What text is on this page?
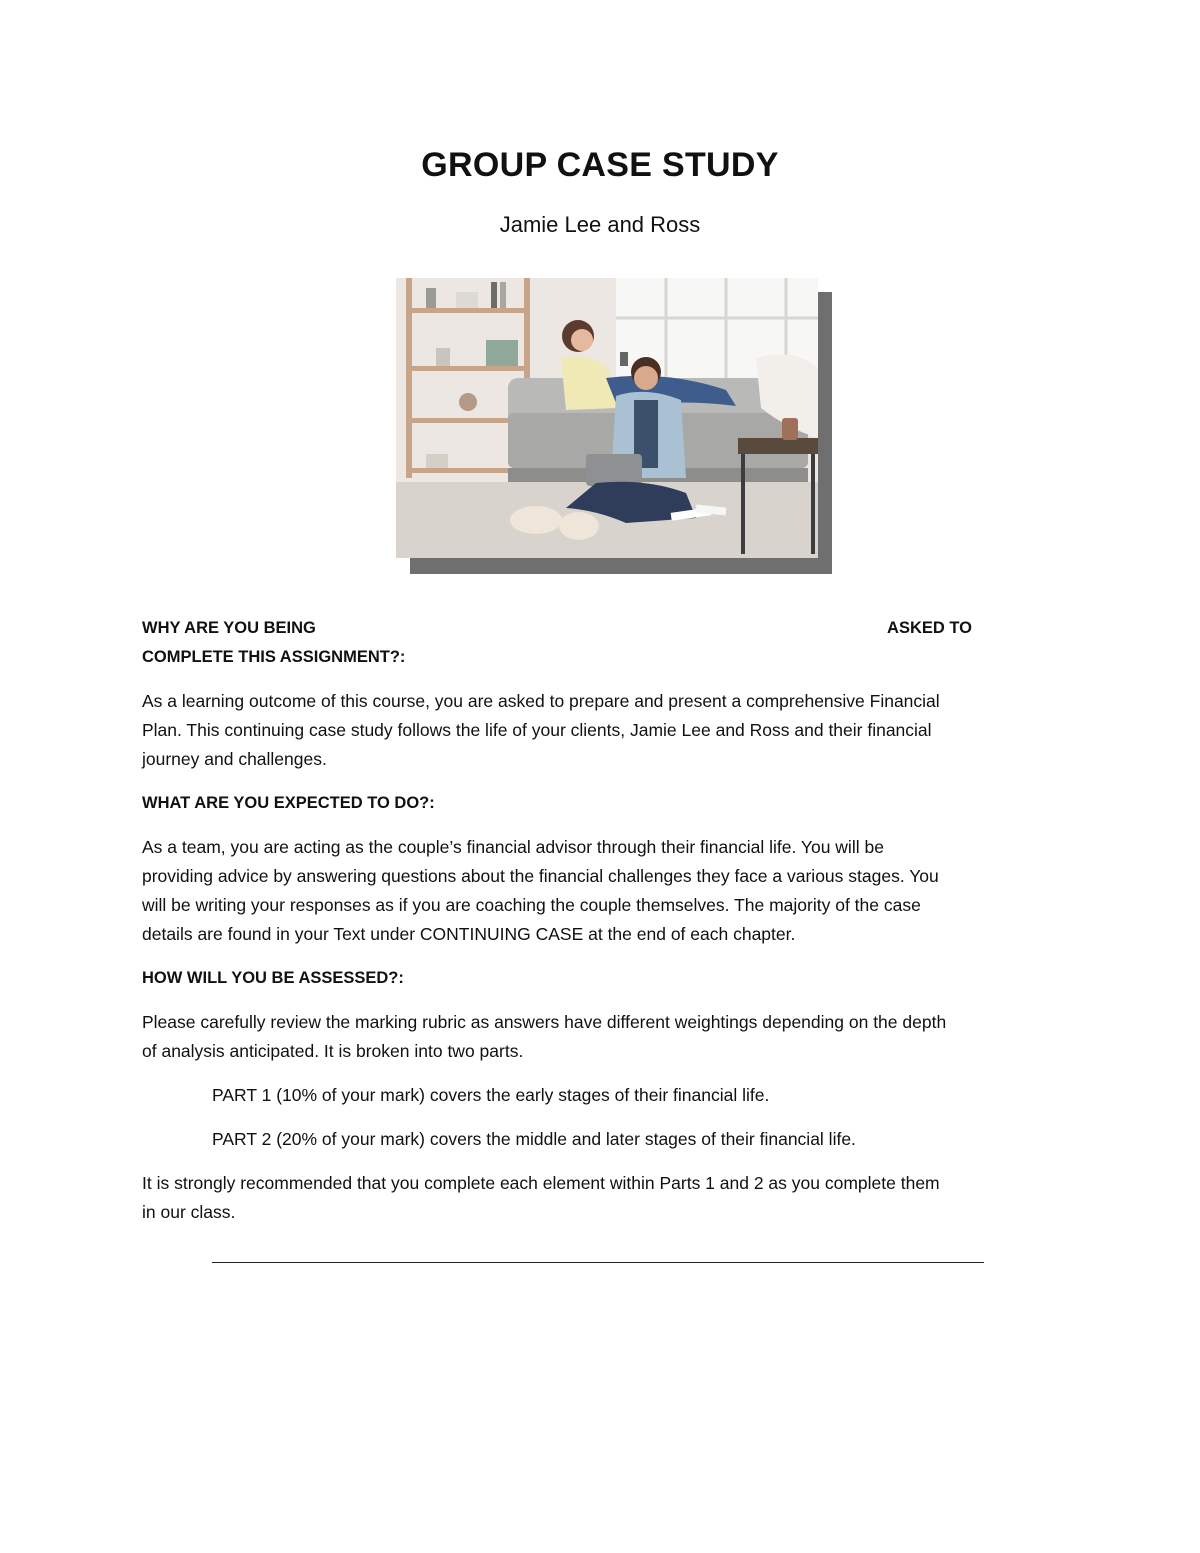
GROUP CASE STUDY
Jamie Lee and Ross
WHY ARE YOU BEING	ASKED TO
COMPLETE THIS ASSIGNMENT?:

As a learning outcome of this course, you are asked to prepare and present a comprehensive Financial

Plan. This continuing case study follows the life of your clients, Jamie Lee and Ross and their financial

journey and challenges.

WHAT ARE YOU EXPECTED TO DO?:

As a team, you are acting as the couple’s financial advisor through their financial life. You will be

providing advice by answering questions about the financial challenges they face a various stages. You

will be writing your responses as if you are coaching the couple themselves. The majority of the case

details are found in your Text under CONTINUING CASE at the end of each chapter.

HOW WILL YOU BE ASSESSED?:

Please carefully review the marking rubric as answers have different weightings depending on the depth

of analysis anticipated. It is broken into two parts.

PART 1 (10% of your mark) covers the early stages of their financial life.

PART 2 (20% of your mark) covers the middle and later stages of their financial life.

It is strongly recommended that you complete each element within Parts 1 and 2 as you complete them

in our class.
